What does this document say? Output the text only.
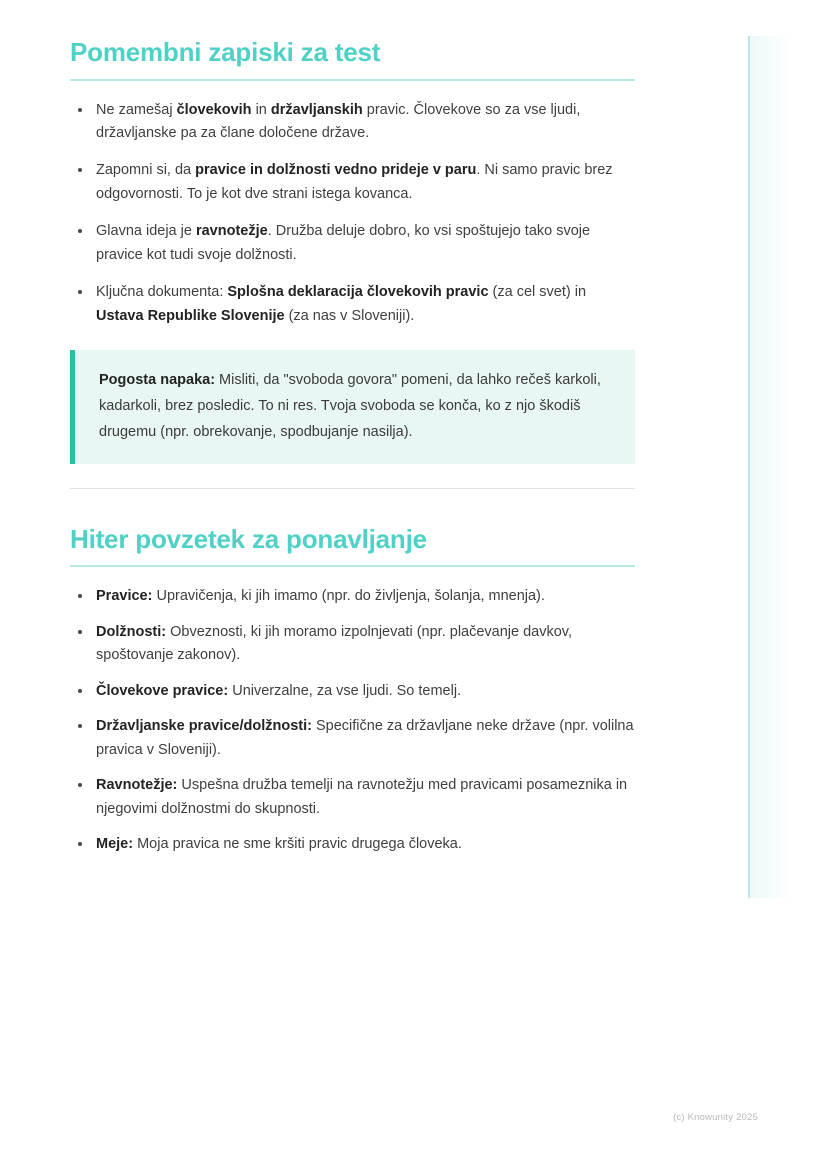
Pomembni zapiski za test
Ne zamešaj človekovih in državljanskih pravic. Človekove so za vse ljudi, državljanske pa za člane določene države.
Zapomni si, da pravice in dolžnosti vedno prideje v paru. Ni samo pravic brez odgovornosti. To je kot dve strani istega kovanca.
Glavna ideja je ravnotežje. Družba deluje dobro, ko vsi spoštujejo tako svoje pravice kot tudi svoje dolžnosti.
Ključna dokumenta: Splošna deklaracija človekovih pravic (za cel svet) in Ustava Republike Slovenije (za nas v Sloveniji).

Pogosta napaka: Misliti, da "svoboda govora" pomeni, da lahko rečeš karkoli, kadarkoli, brez posledic. To ni res. Tvoja svoboda se konča, ko z njo škodiš drugemu (npr. obrekovanje, spodbujanje nasilja).

Hiter povzetek za ponavljanje
Pravice: Upravičenja, ki jih imamo (npr. do življenja, šolanja, mnenja).
Dolžnosti: Obveznosti, ki jih moramo izpolnjevati (npr. plačevanje davkov, spoštovanje zakonov).
Človekove pravice: Univerzalne, za vse ljudi. So temelj.
Državljanske pravice/dolžnosti: Specifične za državljane neke države (npr. volilna pravica v Sloveniji).
Ravnotežje: Uspešna družba temelji na ravnotežju med pravicami posameznika in njegovimi dolžnostmi do skupnosti.
Meje: Moja pravica ne sme kršiti pravic drugega človeka.
(c) Knowunity 2025
